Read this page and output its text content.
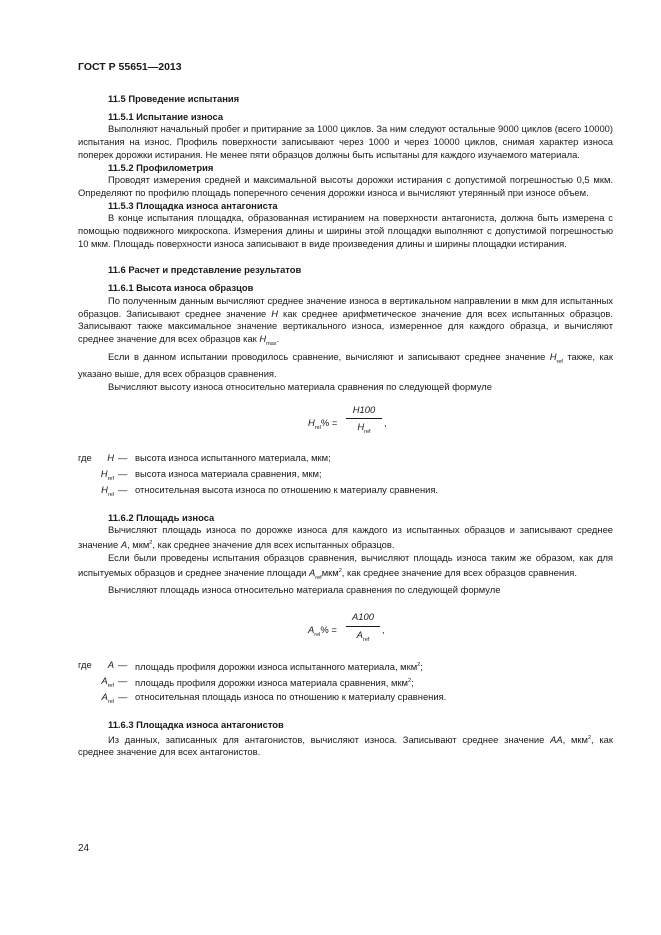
ГОСТ Р 55651—2013
11.5 Проведение испытания
11.5.1 Испытание износа

Выполняют начальный пробег и притирание за 1000 циклов. За ним следуют остальные 9000 циклов (всего 10000) испытания на износ. Профиль поверхности записывают через 1000 и через 10000 циклов, снимая характер износа поперек дорожки истирания. Не менее пяти образцов должны быть испытаны для каждого изучаемого материала.

11.5.2 Профилометрия

Проводят измерения средней и максимальной высоты дорожки истирания с допустимой погрешностью 0,5 мкм. Определяют по профилю площадь поперечного сечения дорожки износа и вычисляют утерянный при износе объем.

11.5.3 Площадка износа антагониста

В конце испытания площадка, образованная истиранием на поверхности антагониста, должна быть измерена с помощью подвижного микроскопа. Измерения длины и ширины этой площадки выполняют с допустимой погрешностью 10 мкм. Площадь поверхности износа записывают в виде произведения длины и ширины площадки истирания.

11.6 Расчет и представление результатов
11.6.1 Высота износа образцов

По полученным данным вычисляют среднее значение износа в вертикальном направлении в мкм для испытанных образцов. Записывают среднее значение H как среднее арифметическое значение для всех испытанных образцов. Записывают также максимальное значение вертикального износа, измеренное для каждого образца, и вычисляют среднее значение для всех образцов как $H_{max}$.

Если в данном испытании проводилось сравнение, вычисляют и записывают среднее значение $H_{ref}$ также, как указано выше, для всех образцов сравнения.

Вычисляют высоту износа относительно материала сравнения по следующей формуле

$H_{rel}\%$ =
H100
$H_{ref}$
,
где	H — высота износа испытанного материала, мкм;
$H_{ref}$ — высота износа материала сравнения, мкм;
$H_{rel}$ — относительная высота износа по отношению к материалу сравнения.
11.6.2 Площадь износа

Вычисляют площадь износа по дорожке износа для каждого из испытанных образцов и записывают среднее значение A, мкм$^2$, как среднее значение для всех испытанных образцов.

Если были проведены испытания образцов сравнения, вычисляют площадь износа таким же образом, как для испытуемых образцов и среднее значение площади $A_{ref}мкм^2$, как среднее значение для всех образцов сравнения.

Вычисляют площадь износа относительно материала сравнения по следующей формуле

$A_{rel}\%$ =
A100
$A_{ref}$
,
где	A — площадь профиля дорожки износа испытанного материала, мкм$^2$;
$A_{ref}$ — площадь профиля дорожки износа материала сравнения, мкм$^2$;
$A_{rel}$ — относительная площадь износа по отношению к материалу сравнения.
11.6.3 Площадка износа антагонистов

Из данных, записанных для антагонистов, вычисляют износа. Записывают среднее значение AA, мкм$^2$, как среднее значение для всех антагонистов.

24
